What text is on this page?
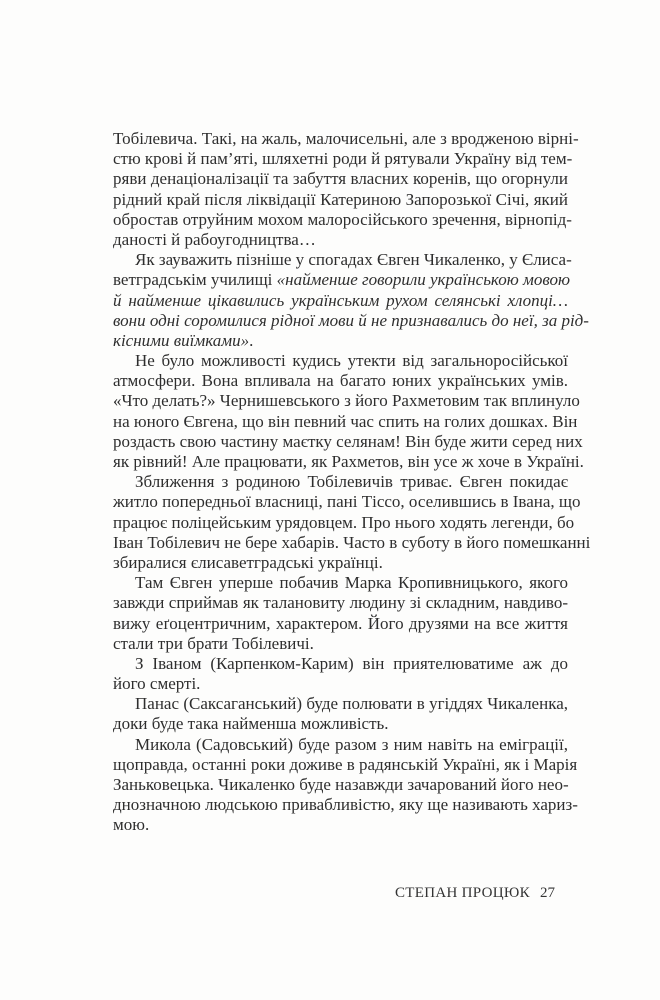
Тобілевича. Такі, на жаль, малочисельні, але з вродженою вірні-
стю крові й пам’яті, шляхетні роди й рятували Україну від тем-
ряви денаціоналізації та забуття власних коренів, що огорнули
рідний край після ліквідації Катериною Запорозької Січі, який
обростав отруйним мохом малоросійського зречення, вірнопід-
даності й рабоугодництва…
Як зауважить пізніше у спогадах Євген Чикаленко, у Єлиса-
ветградськім училищі «найменше говорили українською мовою
й найменше цікавились українським рухом селянські хлопці…
вони одні соромилися рідної мови й не признавались до неї, за рід-
кісними виїмками».
Не було можливості кудись утекти від загальноросійської
атмосфери. Вона впливала на багато юних українських умів.
«Что делать?» Чернишевського з його Рахметовим так вплинуло
на юного Євгена, що він певний час спить на голих дошках. Він
роздасть свою частину маєтку селянам! Він буде жити серед них
як рівний! Але працювати, як Рахметов, він усе ж хоче в Україні.
Зближення з родиною Тобілевичів триває. Євген покидає
житло попередньої власниці, пані Тіссо, оселившись в Івана, що
працює поліцейським урядовцем. Про нього ходять легенди, бо
Іван Тобілевич не бере хабарів. Часто в суботу в його помешканні
збиралися єлисаветградські українці.
Там Євген уперше побачив Марка Кропивницького, якого
завжди сприймав як талановиту людину зі складним, навдиво-
вижу еґоцентричним, характером. Його друзями на все життя
стали три брати Тобілевичі.
З Іваном (Карпенком-Карим) він приятелюватиме аж до
його смерті.
Панас (Саксаганський) буде полювати в угіддях Чикаленка,
доки буде така найменша можливість.
Микола (Садовський) буде разом з ним навіть на еміграції,
щоправда, останні роки доживе в радянській Україні, як і Марія
Заньковецька. Чикаленко буде назавжди зачарований його нео-
днозначною людською привабливістю, яку ще називають хариз-
мою.
СТЕПАН ПРОЦЮК 27
